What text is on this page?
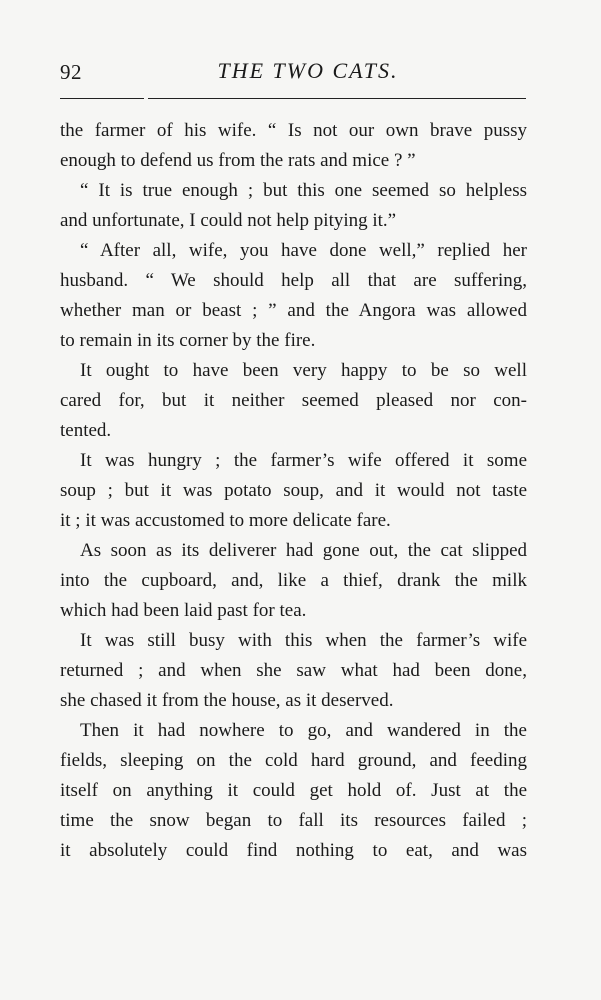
92	THE TWO CATS.
the farmer of his wife. “ Is not our own brave pussy
enough to defend us from the rats and mice ? ”
“ It is true enough ; but this one seemed so helpless
and unfortunate, I could not help pitying it.”
“ After all, wife, you have done well,” replied her
husband. “ We should help all that are suffering,
whether man or beast ; ” and the Angora was allowed
to remain in its corner by the fire.
It ought to have been very happy to be so well
cared for, but it neither seemed pleased nor con-
tented.
It was hungry ; the farmer’s wife offered it some
soup ; but it was potato soup, and it would not taste
it ; it was accustomed to more delicate fare.
As soon as its deliverer had gone out, the cat slipped
into the cupboard, and, like a thief, drank the milk
which had been laid past for tea.
It was still busy with this when the farmer’s wife
returned ; and when she saw what had been done,
she chased it from the house, as it deserved.
Then it had nowhere to go, and wandered in the
fields, sleeping on the cold hard ground, and feeding
itself on anything it could get hold of. Just at the
time the snow began to fall its resources failed ;
it absolutely could find nothing to eat, and was
